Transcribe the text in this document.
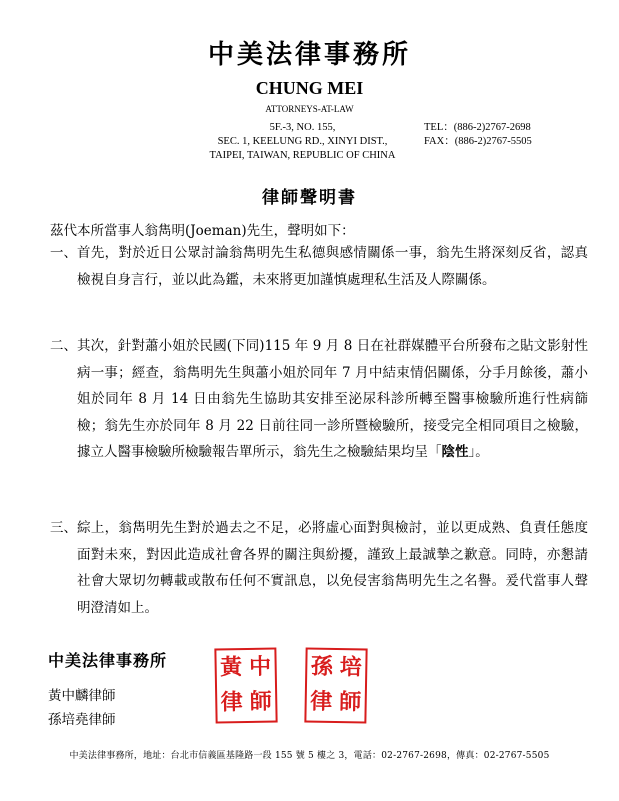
中美法律事務所
CHUNG MEI
ATTORNEYS-AT-LAW
5F.-3, NO. 155,
SEC. 1, KEELUNG RD., XINYI DIST.,
TAIPEI, TAIWAN, REPUBLIC OF CHINA
TEL：(886-2)2767-2698
FAX：(886-2)2767-5505
律師聲明書
茲代本所當事人翁雋明(Joeman)先生，聲明如下：
一、 首先，對於近日公眾討論翁雋明先生私德與感情關係一事，翁先生將深刻反省，認真檢視自身言行，並以此為鑑，未來將更加謹慎處理私生活及人際關係。
二、 其次，針對蕭小姐於民國(下同)115 年 9 月 8 日在社群媒體平台所發布之貼文影射性病一事；經查，翁雋明先生與蕭小姐於同年 7 月中結束情侶關係，分手月餘後，蕭小姐於同年 8 月 14 日由翁先生協助其安排至泌尿科診所轉至醫事檢驗所進行性病篩檢；翁先生亦於同年 8 月 22 日前往同一診所暨檢驗所，接受完全相同項目之檢驗，據立人醫事檢驗所檢驗報告單所示，翁先生之檢驗結果均呈「陰性」。
三、 綜上，翁雋明先生對於過去之不足，必將虛心面對與檢討，並以更成熟、負責任態度面對未來，對因此造成社會各界的關注與紛擾，謹致上最誠摯之歉意。同時，亦懇請社會大眾切勿轉載或散布任何不實訊息，以免侵害翁雋明先生之名譽。爰代當事人聲明澄清如上。
中美法律事務所
黃中麟律師
孫培堯律師
黃 中
律 師
孫 培
律 師
中美法律事務所，地址：台北市信義區基隆路一段 155 號 5 樓之 3，電話：02-2767-2698，傳真：02-2767-5505
